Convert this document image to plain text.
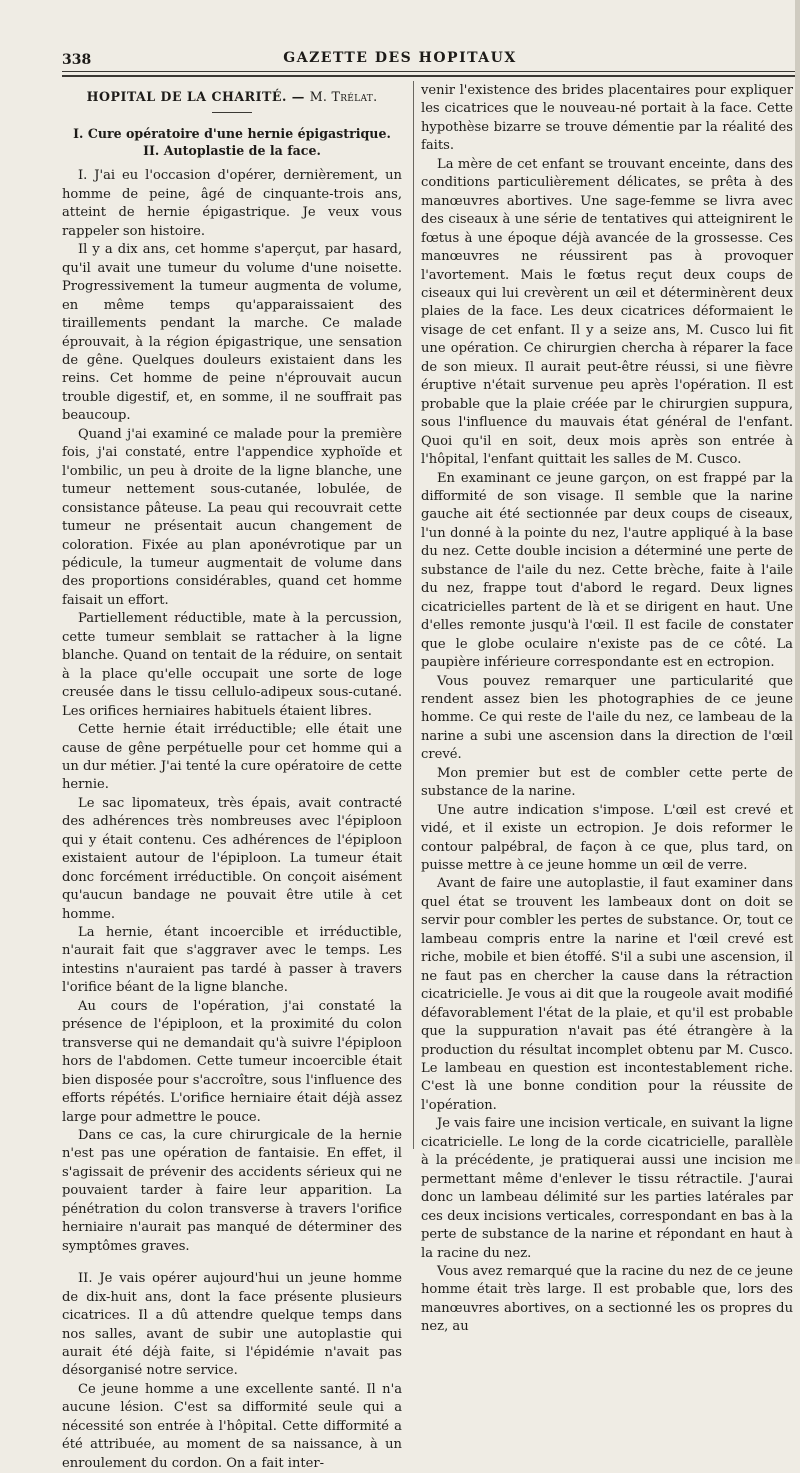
338	GAZETTE DES HOPITAUX
HOPITAL DE LA CHARITÉ. — M. Trélat.
I. Cure opératoire d'une hernie épigastrique.
II. Autoplastie de la face.

I. J'ai eu l'occasion d'opérer, dernièrement, un homme de peine, âgé de cinquante-trois ans, atteint de hernie épigastrique. Je veux vous rappeler son histoire.

Il y a dix ans, cet homme s'aperçut, par hasard, qu'il avait une tumeur du volume d'une noisette. Progressivement la tumeur augmenta de volume, en même temps qu'apparaissaient des tiraillements pendant la marche. Ce malade éprouvait, à la région épigastrique, une sensation de gêne. Quelques douleurs existaient dans les reins. Cet homme de peine n'éprouvait aucun trouble digestif, et, en somme, il ne souffrait pas beaucoup.

Quand j'ai examiné ce malade pour la première fois, j'ai constaté, entre l'appendice xyphoïde et l'ombilic, un peu à droite de la ligne blanche, une tumeur nettement sous-cutanée, lobulée, de consistance pâteuse. La peau qui recouvrait cette tumeur ne présentait aucun changement de coloration. Fixée au plan aponévrotique par un pédicule, la tumeur augmentait de volume dans des proportions considérables, quand cet homme faisait un effort.

Partiellement réductible, mate à la percussion, cette tumeur semblait se rattacher à la ligne blanche. Quand on tentait de la réduire, on sentait à la place qu'elle occupait une sorte de loge creusée dans le tissu cellulo-adipeux sous-cutané. Les orifices herniaires habituels étaient libres.

Cette hernie était irréductible; elle était une cause de gêne perpétuelle pour cet homme qui a un dur métier. J'ai tenté la cure opératoire de cette hernie.

Le sac lipomateux, très épais, avait contracté des adhérences très nombreuses avec l'épiploon qui y était contenu. Ces adhérences de l'épiploon existaient autour de l'épiploon. La tumeur était donc forcément irréductible. On conçoit aisément qu'aucun bandage ne pouvait être utile à cet homme.

La hernie, étant incoercible et irréductible, n'aurait fait que s'aggraver avec le temps. Les intestins n'auraient pas tardé à passer à travers l'orifice béant de la ligne blanche.

Au cours de l'opération, j'ai constaté la présence de l'épiploon, et la proximité du colon transverse qui ne demandait qu'à suivre l'épiploon hors de l'abdomen. Cette tumeur incoercible était bien disposée pour s'accroître, sous l'influence des efforts répétés. L'orifice herniaire était déjà assez large pour admettre le pouce.

Dans ce cas, la cure chirurgicale de la hernie n'est pas une opération de fantaisie. En effet, il s'agissait de prévenir des accidents sérieux qui ne pouvaient tarder à faire leur apparition. La pénétration du colon transverse à travers l'orifice herniaire n'aurait pas manqué de déterminer des symptômes graves.

II. Je vais opérer aujourd'hui un jeune homme de dix-huit ans, dont la face présente plusieurs cicatrices. Il a dû attendre quelque temps dans nos salles, avant de subir une autoplastie qui aurait été déjà faite, si l'épidémie n'avait pas désorganisé notre service.

Ce jeune homme a une excellente santé. Il n'a aucune lésion. C'est sa difformité seule qui a nécessité son entrée à l'hôpital. Cette difformité a été attribuée, au moment de sa naissance, à un enroulement du cordon. On a fait inter-

venir l'existence des brides placentaires pour expliquer les cicatrices que le nouveau-né portait à la face. Cette hypothèse bizarre se trouve démentie par la réalité des faits.

La mère de cet enfant se trouvant enceinte, dans des conditions particulièrement délicates, se prêta à des manœuvres abortives. Une sage-femme se livra avec des ciseaux à une série de tentatives qui atteignirent le fœtus à une époque déjà avancée de la grossesse. Ces manœuvres ne réussirent pas à provoquer l'avortement. Mais le fœtus reçut deux coups de ciseaux qui lui crevèrent un œil et déterminèrent deux plaies de la face. Les deux cicatrices déformaient le visage de cet enfant. Il y a seize ans, M. Cusco lui fit une opération. Ce chirurgien chercha à réparer la face de son mieux. Il aurait peut-être réussi, si une fièvre éruptive n'était survenue peu après l'opération. Il est probable que la plaie créée par le chirurgien suppura, sous l'influence du mauvais état général de l'enfant. Quoi qu'il en soit, deux mois après son entrée à l'hôpital, l'enfant quittait les salles de M. Cusco.

En examinant ce jeune garçon, on est frappé par la difformité de son visage. Il semble que la narine gauche ait été sectionnée par deux coups de ciseaux, l'un donné à la pointe du nez, l'autre appliqué à la base du nez. Cette double incision a déterminé une perte de substance de l'aile du nez. Cette brèche, faite à l'aile du nez, frappe tout d'abord le regard. Deux lignes cicatricielles partent de là et se dirigent en haut. Une d'elles remonte jusqu'à l'œil. Il est facile de constater que le globe oculaire n'existe pas de ce côté. La paupière inférieure correspondante est en ectropion.

Vous pouvez remarquer une particularité que rendent assez bien les photographies de ce jeune homme. Ce qui reste de l'aile du nez, ce lambeau de la narine a subi une ascension dans la direction de l'œil crevé.

Mon premier but est de combler cette perte de substance de la narine.

Une autre indication s'impose. L'œil est crevé et vidé, et il existe un ectropion. Je dois reformer le contour palpébral, de façon à ce que, plus tard, on puisse mettre à ce jeune homme un œil de verre.

Avant de faire une autoplastie, il faut examiner dans quel état se trouvent les lambeaux dont on doit se servir pour combler les pertes de substance. Or, tout ce lambeau compris entre la narine et l'œil crevé est riche, mobile et bien étoffé. S'il a subi une ascension, il ne faut pas en chercher la cause dans la rétraction cicatricielle. Je vous ai dit que la rougeole avait modifié défavorablement l'état de la plaie, et qu'il est probable que la suppuration n'avait pas été étrangère à la production du résultat incomplet obtenu par M. Cusco. Le lambeau en question est incontestablement riche. C'est là une bonne condition pour la réussite de l'opération.

Je vais faire une incision verticale, en suivant la ligne cicatricielle. Le long de la corde cicatricielle, parallèle à la précédente, je pratiquerai aussi une incision me permettant même d'enlever le tissu rétractile. J'aurai donc un lambeau délimité sur les parties latérales par ces deux incisions verticales, correspondant en bas à la perte de substance de la narine et répondant en haut à la racine du nez.

Vous avez remarqué que la racine du nez de ce jeune homme était très large. Il est probable que, lors des manœuvres abortives, on a sectionné les os propres du nez, au
